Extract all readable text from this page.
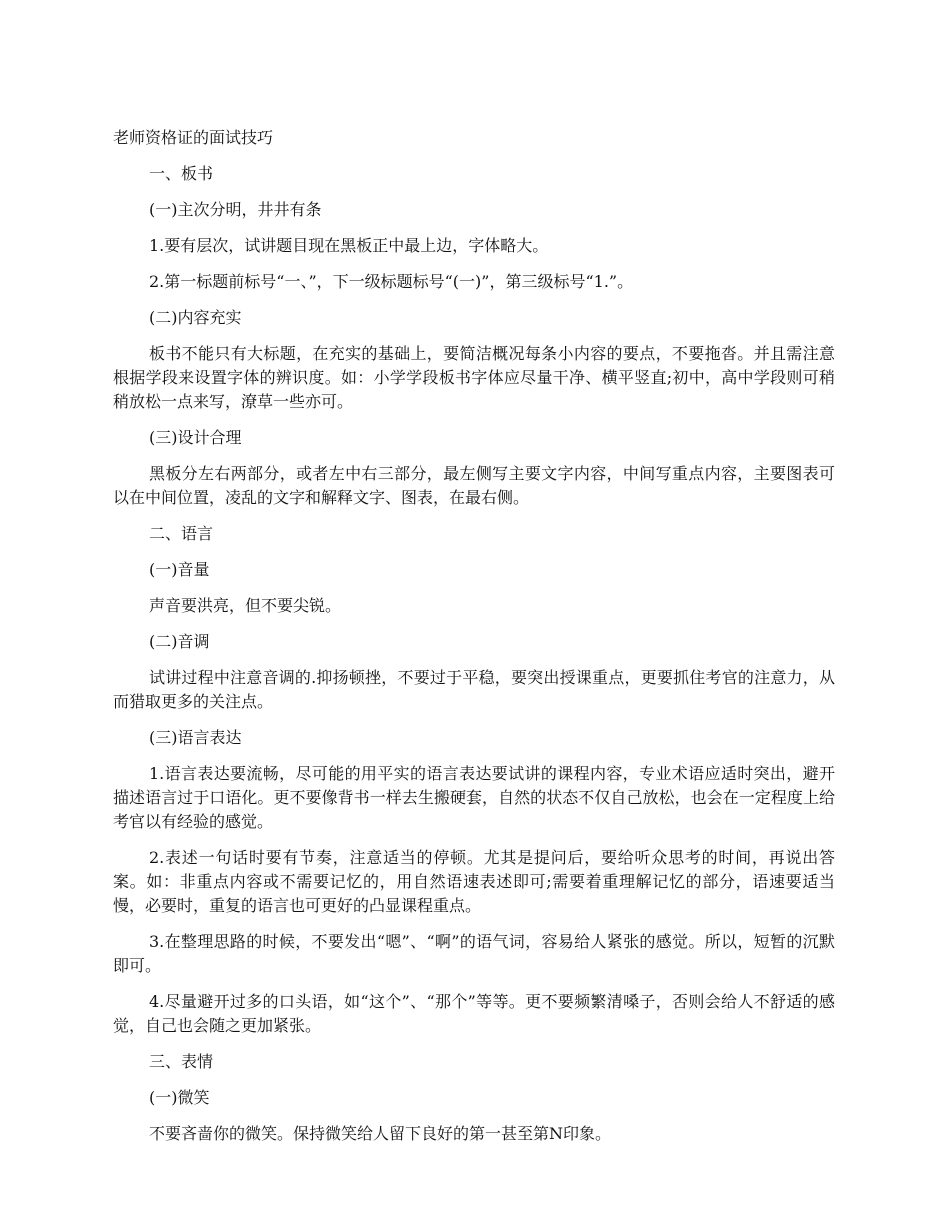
老师资格证的面试技巧
一、板书
(一)主次分明，井井有条
1.要有层次，试讲题目现在黑板正中最上边，字体略大。
2.第一标题前标号“一、”，下一级标题标号“(一)”，第三级标号“1.”。
(二)内容充实
板书不能只有大标题，在充实的基础上，要简洁概况每条小内容的要点，不要拖沓。并且需注意根据学段来设置字体的辨识度。如：小学学段板书字体应尽量干净、横平竖直;初中，高中学段则可稍稍放松一点来写，潦草一些亦可。
(三)设计合理
黑板分左右两部分，或者左中右三部分，最左侧写主要文字内容，中间写重点内容，主要图表可以在中间位置，凌乱的文字和解释文字、图表，在最右侧。
二、语言
(一)音量
声音要洪亮，但不要尖锐。
(二)音调
试讲过程中注意音调的.抑扬顿挫，不要过于平稳，要突出授课重点，更要抓住考官的注意力，从而猎取更多的关注点。
(三)语言表达
1.语言表达要流畅，尽可能的用平实的语言表达要试讲的课程内容，专业术语应适时突出，避开描述语言过于口语化。更不要像背书一样去生搬硬套，自然的状态不仅自己放松，也会在一定程度上给考官以有经验的感觉。
2.表述一句话时要有节奏，注意适当的停顿。尤其是提问后，要给听众思考的时间，再说出答案。如：非重点内容或不需要记忆的，用自然语速表述即可;需要着重理解记忆的部分，语速要适当慢，必要时，重复的语言也可更好的凸显课程重点。
3.在整理思路的时候，不要发出“嗯”、“啊”的语气词，容易给人紧张的感觉。所以，短暂的沉默即可。
4.尽量避开过多的口头语，如“这个”、“那个”等等。更不要频繁清嗓子，否则会给人不舒适的感觉，自己也会随之更加紧张。
三、表情
(一)微笑
不要吝啬你的微笑。保持微笑给人留下良好的第一甚至第N印象。
